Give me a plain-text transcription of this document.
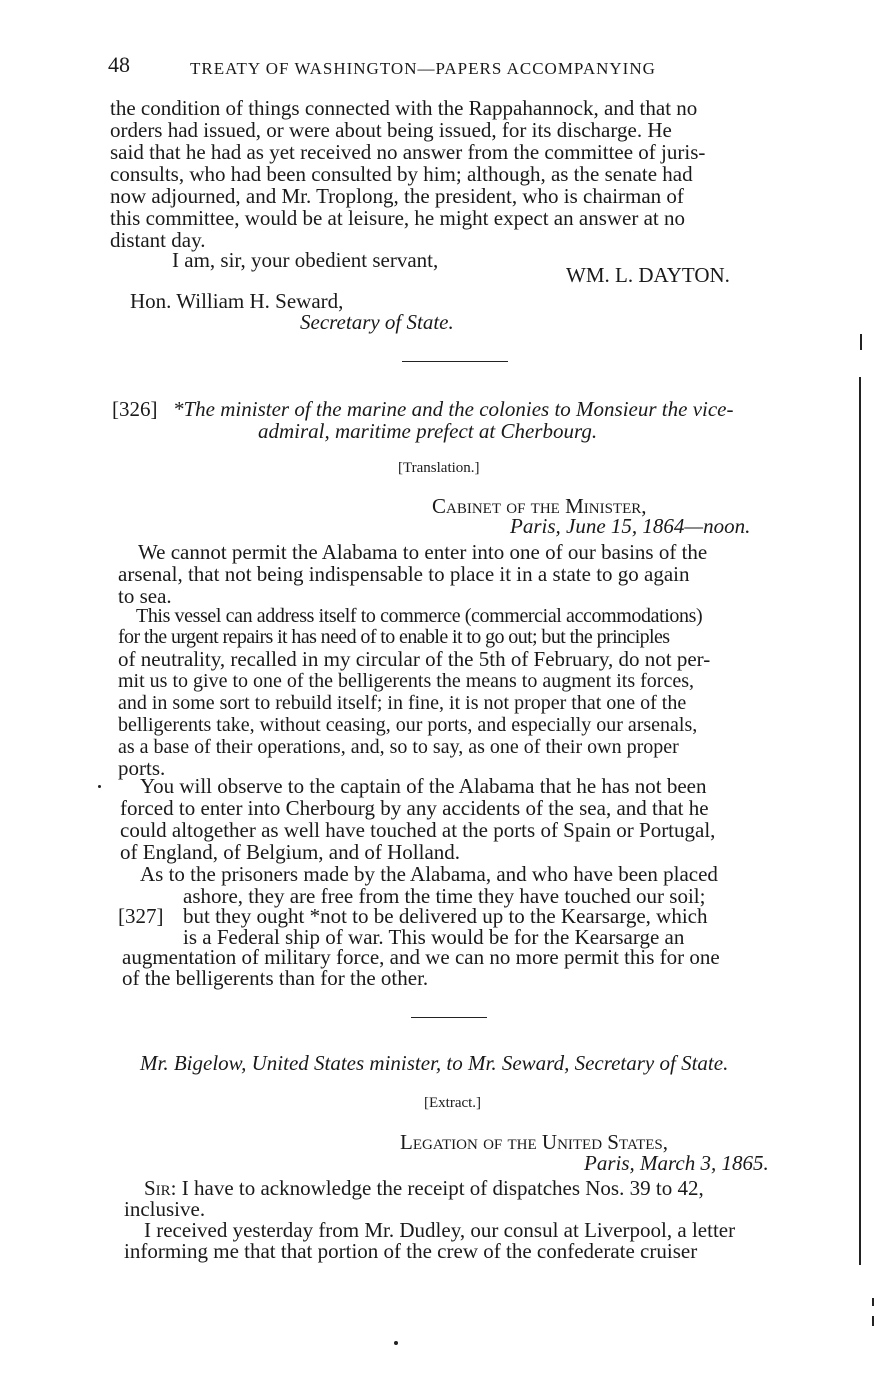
48	TREATY OF WASHINGTON—PAPERS ACCOMPANYING
the condition of things connected with the Rappahannock, and that no
orders had issued, or were about being issued, for its discharge. He
said that he had as yet received no answer from the committee of juris-
consults, who had been consulted by him; although, as the senate had
now adjourned, and Mr. Troplong, the president, who is chairman of
this committee, would be at leisure, he might expect an answer at no
distant day.
I am, sir, your obedient servant,
WM. L. DAYTON.
Hon. William H. Seward,
Secretary of State.
[326] *The minister of the marine and the colonies to Monsieur the vice-
admiral, maritime prefect at Cherbourg.
[Translation.]
Cabinet of the Minister,
Paris, June 15, 1864—noon.
We cannot permit the Alabama to enter into one of our basins of the
arsenal, that not being indispensable to place it in a state to go again
to sea.
This vessel can address itself to commerce (commercial accommodations)
for the urgent repairs it has need of to enable it to go out; but the principles
of neutrality, recalled in my circular of the 5th of February, do not per-
mit us to give to one of the belligerents the means to augment its forces,
and in some sort to rebuild itself; in fine, it is not proper that one of the
belligerents take, without ceasing, our ports, and especially our arsenals,
as a base of their operations, and, so to say, as one of their own proper
ports.
You will observe to the captain of the Alabama that he has not been
forced to enter into Cherbourg by any accidents of the sea, and that he
could altogether as well have touched at the ports of Spain or Portugal,
of England, of Belgium, and of Holland.
As to the prisoners made by the Alabama, and who have been placed
ashore, they are free from the time they have touched our soil;
[327] but they ought *not to be delivered up to the Kearsarge, which
is a Federal ship of war. This would be for the Kearsarge an
augmentation of military force, and we can no more permit this for one
of the belligerents than for the other.
Mr. Bigelow, United States minister, to Mr. Seward, Secretary of State.
[Extract.]
Legation of the United States,
Paris, March 3, 1865.
Sir: I have to acknowledge the receipt of dispatches Nos. 39 to 42,
inclusive.
I received yesterday from Mr. Dudley, our consul at Liverpool, a letter
informing me that that portion of the crew of the confederate cruiser
